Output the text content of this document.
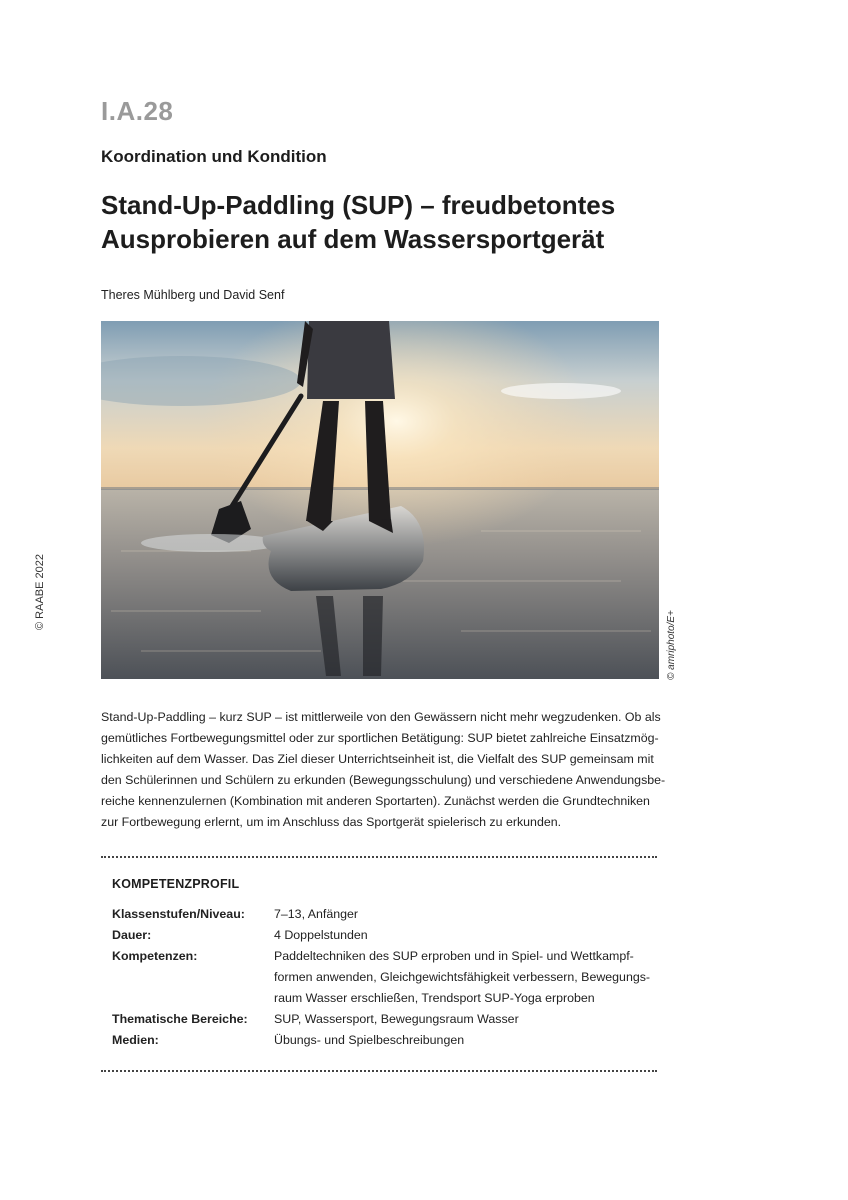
© RAABE 2022
I.A.28
Koordination und Kondition
Stand-Up-Paddling (SUP) – freudbetontes
Ausprobieren auf dem Wassersportgerät
Theres Mühlberg und David Senf
© amriphoto/E+
Stand-Up-Paddling – kurz SUP – ist mittlerweile von den Gewässern nicht mehr wegzudenken. Ob als
gemütliches Fortbewegungsmittel oder zur sportlichen Betätigung: SUP bietet zahlreiche Einsatzmög-
lichkeiten auf dem Wasser. Das Ziel dieser Unterrichtseinheit ist, die Vielfalt des SUP gemeinsam mit
den Schülerinnen und Schülern zu erkunden (Bewegungsschulung) und verschiedene Anwendungsbe-
reiche kennenzulernen (Kombination mit anderen Sportarten). Zunächst werden die Grundtechniken
zur Fortbewegung erlernt, um im Anschluss das Sportgerät spielerisch zu erkunden.
KOMPETENZPROFIL
Klassenstufen/Niveau:	7–13, Anfänger
Dauer:	4 Doppelstunden
Kompetenzen:	Paddeltechniken des SUP erproben und in Spiel- und Wettkampf-
formen anwenden, Gleichgewichtsfähigkeit verbessern, Bewegungs-
raum Wasser erschließen, Trendsport SUP-Yoga erproben
Thematische Bereiche:	SUP, Wassersport, Bewegungsraum Wasser
Medien:	Übungs- und Spielbeschreibungen
